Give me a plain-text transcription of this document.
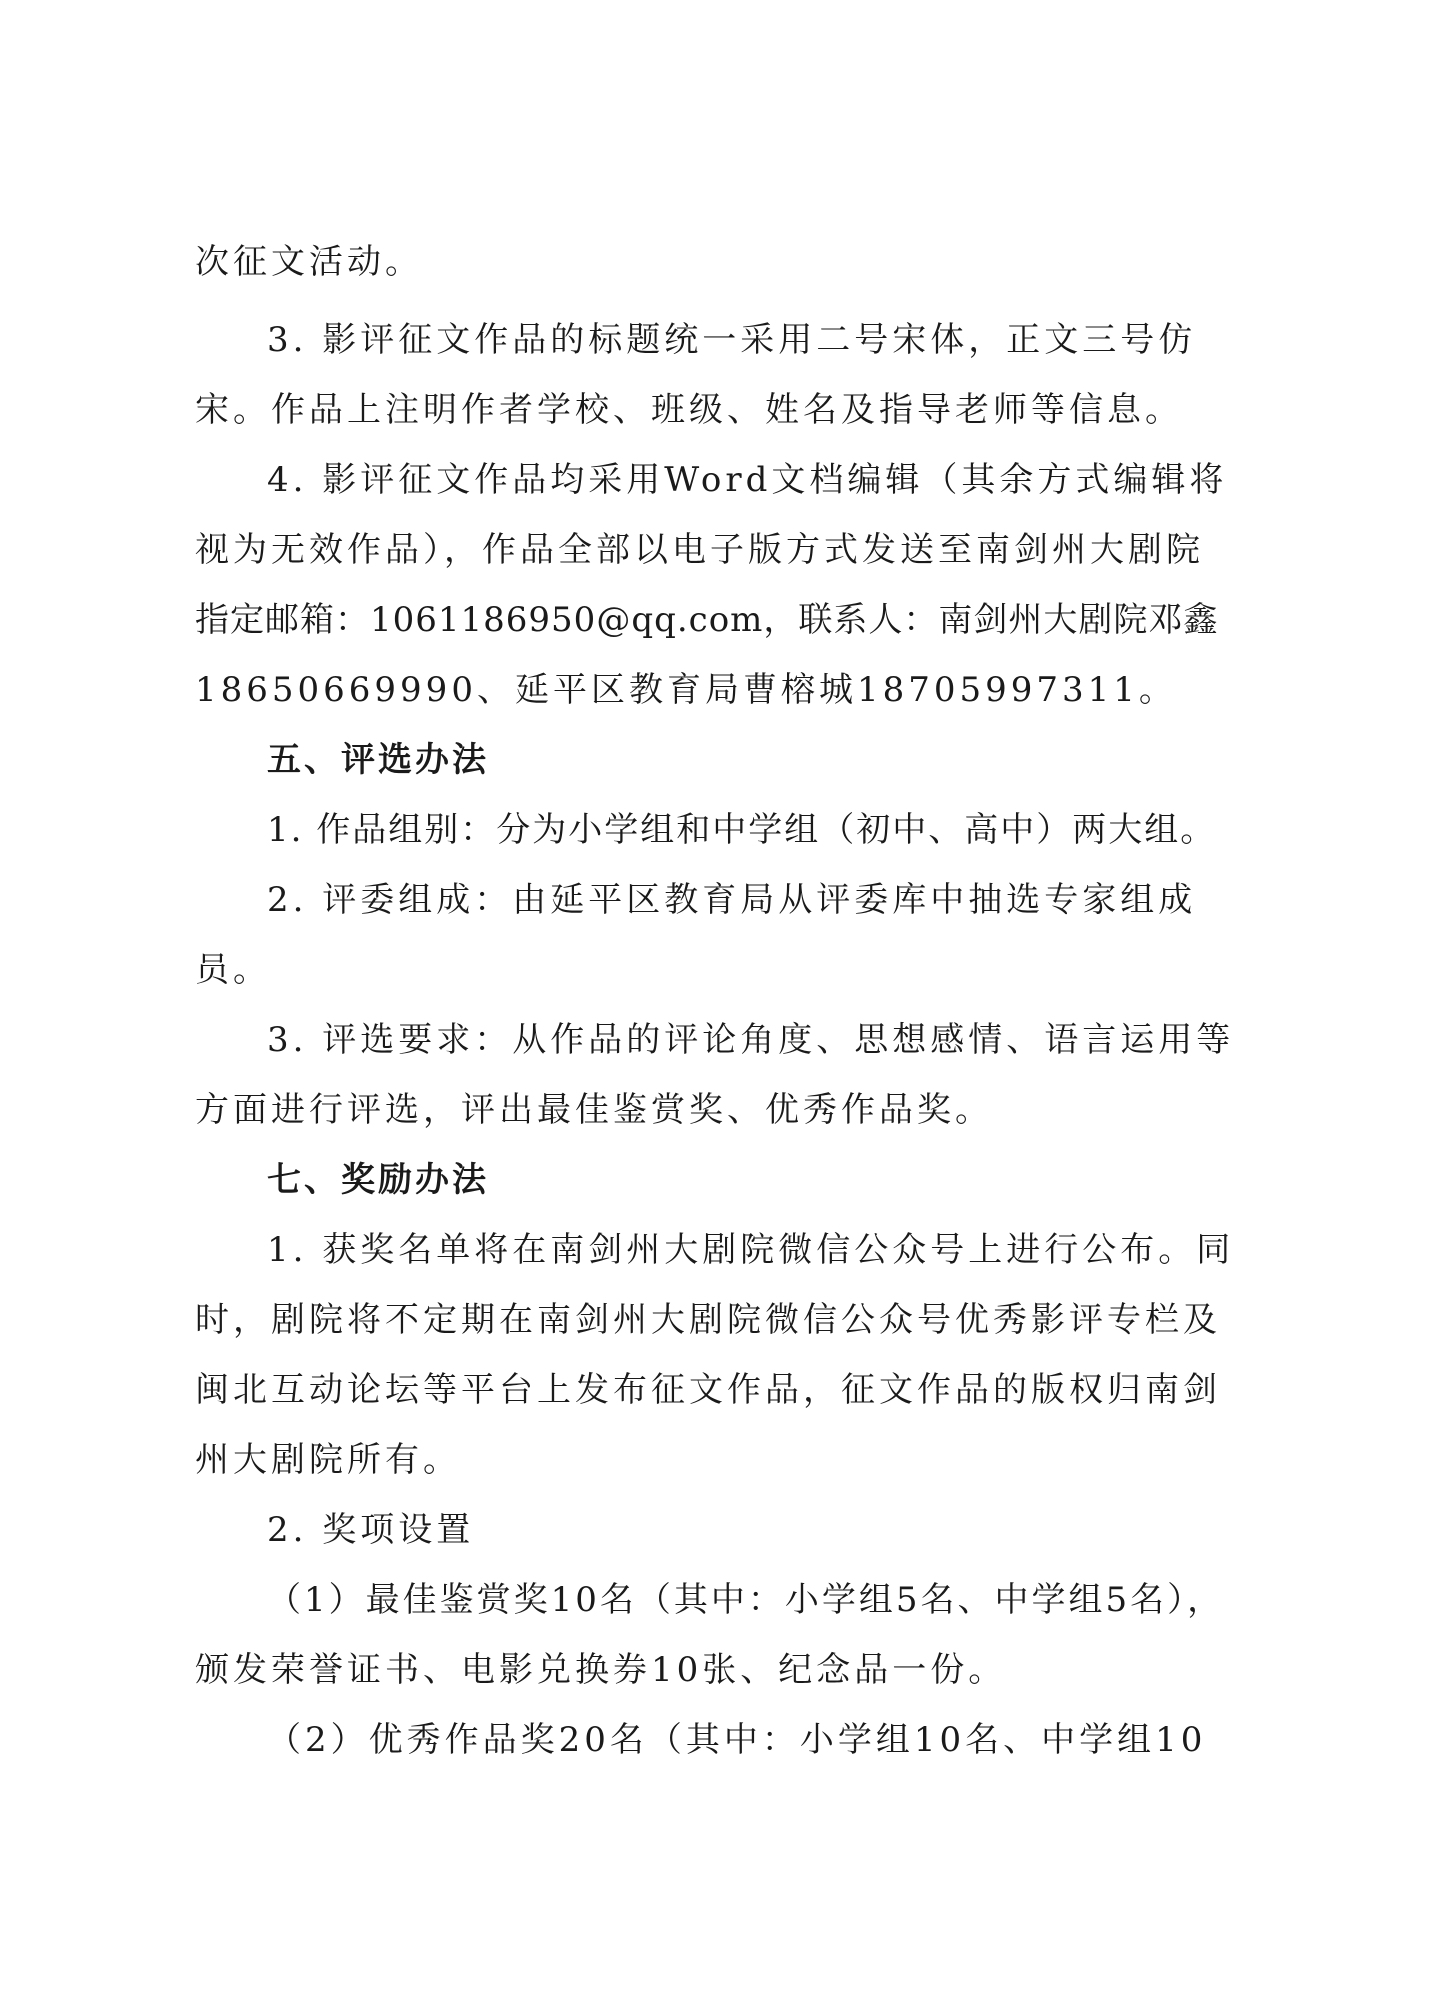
次征文活动。
3. 影评征文作品的标题统一采用二号宋体，正文三号仿
宋。作品上注明作者学校、班级、姓名及指导老师等信息。
4. 影评征文作品均采用Word文档编辑（其余方式编辑将
视为无效作品），作品全部以电子版方式发送至南剑州大剧院
指定邮箱：1061186950@qq.com，联系人：南剑州大剧院邓鑫
18650669990、延平区教育局曹榕城18705997311。
五、评选办法
1. 作品组别：分为小学组和中学组（初中、高中）两大组。
2. 评委组成：由延平区教育局从评委库中抽选专家组成
员。
3. 评选要求：从作品的评论角度、思想感情、语言运用等
方面进行评选，评出最佳鉴赏奖、优秀作品奖。
七、奖励办法
1. 获奖名单将在南剑州大剧院微信公众号上进行公布。同
时，剧院将不定期在南剑州大剧院微信公众号优秀影评专栏及
闽北互动论坛等平台上发布征文作品，征文作品的版权归南剑
州大剧院所有。
2. 奖项设置
（1）最佳鉴赏奖10名（其中：小学组5名、中学组5名），
颁发荣誉证书、电影兑换券10张、纪念品一份。
（2）优秀作品奖20名（其中：小学组10名、中学组10
